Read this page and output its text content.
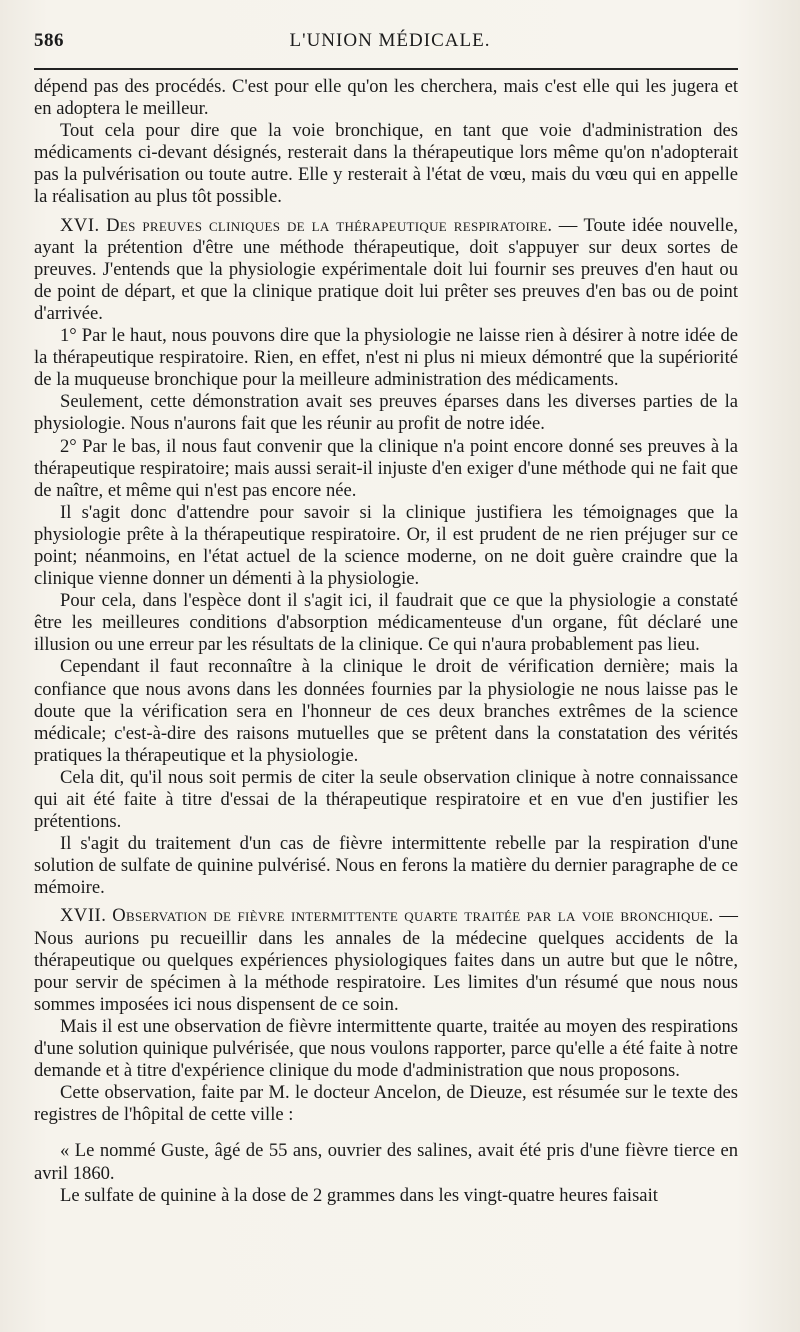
586	L'UNION MÉDICALE.

dépend pas des procédés. C'est pour elle qu'on les cherchera, mais c'est elle qui les jugera et en adoptera le meilleur.

Tout cela pour dire que la voie bronchique, en tant que voie d'administration des médicaments ci-devant désignés, resterait dans la thérapeutique lors même qu'on n'adopterait pas la pulvérisation ou toute autre. Elle y resterait à l'état de vœu, mais du vœu qui en appelle la réalisation au plus tôt possible.

XVI. Des preuves cliniques de la thérapeutique respiratoire. — Toute idée nouvelle, ayant la prétention d'être une méthode thérapeutique, doit s'appuyer sur deux sortes de preuves. J'entends que la physiologie expérimentale doit lui fournir ses preuves d'en haut ou de point de départ, et que la clinique pratique doit lui prêter ses preuves d'en bas ou de point d'arrivée.

1° Par le haut, nous pouvons dire que la physiologie ne laisse rien à désirer à notre idée de la thérapeutique respiratoire. Rien, en effet, n'est ni plus ni mieux démontré que la supériorité de la muqueuse bronchique pour la meilleure administration des médicaments.

Seulement, cette démonstration avait ses preuves éparses dans les diverses parties de la physiologie. Nous n'aurons fait que les réunir au profit de notre idée.

2° Par le bas, il nous faut convenir que la clinique n'a point encore donné ses preuves à la thérapeutique respiratoire; mais aussi serait-il injuste d'en exiger d'une méthode qui ne fait que de naître, et même qui n'est pas encore née.

Il s'agit donc d'attendre pour savoir si la clinique justifiera les témoignages que la physiologie prête à la thérapeutique respiratoire. Or, il est prudent de ne rien préjuger sur ce point; néanmoins, en l'état actuel de la science moderne, on ne doit guère craindre que la clinique vienne donner un démenti à la physiologie.

Pour cela, dans l'espèce dont il s'agit ici, il faudrait que ce que la physiologie a constaté être les meilleures conditions d'absorption médicamenteuse d'un organe, fût déclaré une illusion ou une erreur par les résultats de la clinique. Ce qui n'aura probablement pas lieu.

Cependant il faut reconnaître à la clinique le droit de vérification dernière; mais la confiance que nous avons dans les données fournies par la physiologie ne nous laisse pas le doute que la vérification sera en l'honneur de ces deux branches extrêmes de la science médicale; c'est-à-dire des raisons mutuelles que se prêtent dans la constatation des vérités pratiques la thérapeutique et la physiologie.

Cela dit, qu'il nous soit permis de citer la seule observation clinique à notre connaissance qui ait été faite à titre d'essai de la thérapeutique respiratoire et en vue d'en justifier les prétentions.

Il s'agit du traitement d'un cas de fièvre intermittente rebelle par la respiration d'une solution de sulfate de quinine pulvérisé. Nous en ferons la matière du dernier paragraphe de ce mémoire.

XVII. Observation de fièvre intermittente quarte traitée par la voie bronchique. — Nous aurions pu recueillir dans les annales de la médecine quelques accidents de la thérapeutique ou quelques expériences physiologiques faites dans un autre but que le nôtre, pour servir de spécimen à la méthode respiratoire. Les limites d'un résumé que nous nous sommes imposées ici nous dispensent de ce soin.

Mais il est une observation de fièvre intermittente quarte, traitée au moyen des respirations d'une solution quinique pulvérisée, que nous voulons rapporter, parce qu'elle a été faite à notre demande et à titre d'expérience clinique du mode d'administration que nous proposons.

Cette observation, faite par M. le docteur Ancelon, de Dieuze, est résumée sur le texte des registres de l'hôpital de cette ville :

« Le nommé Guste, âgé de 55 ans, ouvrier des salines, avait été pris d'une fièvre tierce en avril 1860.

Le sulfate de quinine à la dose de 2 grammes dans les vingt-quatre heures faisait
